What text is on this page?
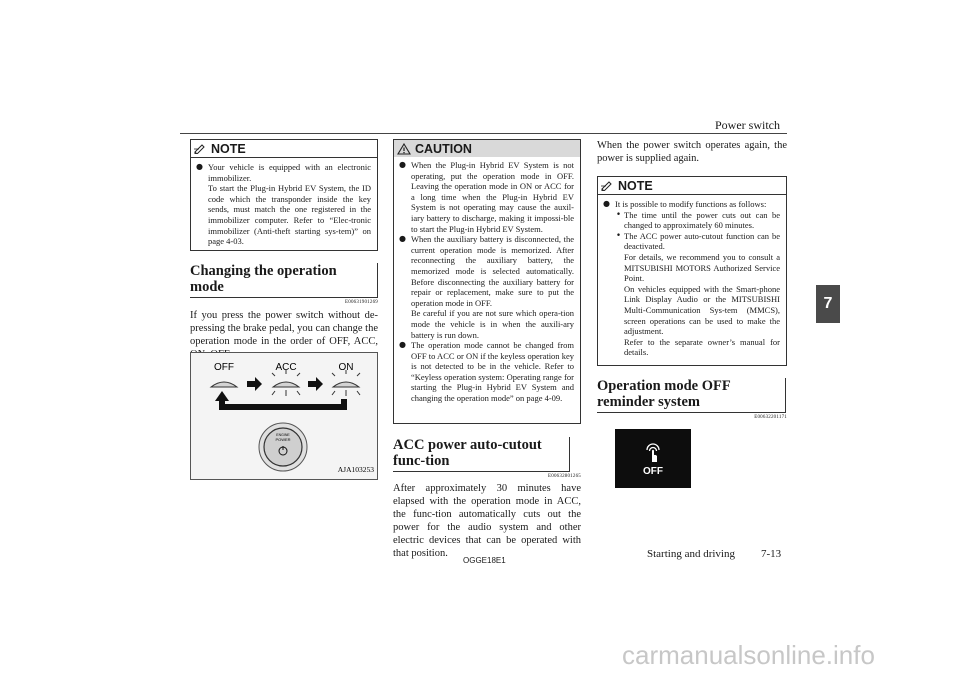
Power switch
7
NOTE
● Your vehicle is equipped with an electronic immobilizer.
To start the Plug-in Hybrid EV System, the ID code which the transponder inside the key sends, must match the one registered in the immobilizer computer. Refer to “Elec-tronic immobilizer (Anti-theft starting sys-tem)” on page 4-03.
Changing the operation mode
E00631901269
If you press the power switch without de-pressing the brake pedal, you can change the operation mode in the order of OFF, ACC,
OFF	ACC	ON
ENGINE
POWER
AJA103253
CAUTION
● When the Plug-in Hybrid EV System is not operating, put the operation mode in OFF. Leaving the operation mode in ON or ACC for a long time when the Plug-in Hybrid EV System is not operating may cause the auxil-iary battery to discharge, making it impossi-ble to start the Plug-in Hybrid EV System.
● When the auxiliary battery is disconnected, the current operation mode is memorized. After reconnecting the auxiliary battery, the memorized mode is selected automatically. Before disconnecting the auxiliary battery for repair or replacement, make sure to put the operation mode in OFF.
Be careful if you are not sure which opera-tion mode the vehicle is in when the auxili-ary battery is run down.
● The operation mode cannot be changed from OFF to ACC or ON if the keyless operation key is not detected to be in the vehicle. Refer to “Keyless operation system: Operating range for starting the Plug-in Hybrid EV System and changing the operation mode” on page 4-09.
ACC power auto-cutout func-tion
E00632801265
After approximately 30 minutes have elapsed with the operation mode in ACC, the func-tion automatically cuts out the power for the audio system and other electric devices that can be operated with that position.
When the power switch operates again, the power is supplied again.
NOTE
● It is possible to modify functions as follows:
• The time until the power cuts out can be changed to approximately 60 minutes.
• The ACC power auto-cutout function can be deactivated.
For details, we recommend you to consult a MITSUBISHI MOTORS Authorized Service Point.
On vehicles equipped with the Smart-phone Link Display Audio or the MITSUBISHI Multi-Communication Sys-tem (MMCS), screen operations can be used to make the adjustment.
Refer to the separate owner’s manual for details.
Operation mode OFF reminder system
E00632201171
OFF
OGGE18E1
Starting and driving 7-13
carmanualsonline.info
